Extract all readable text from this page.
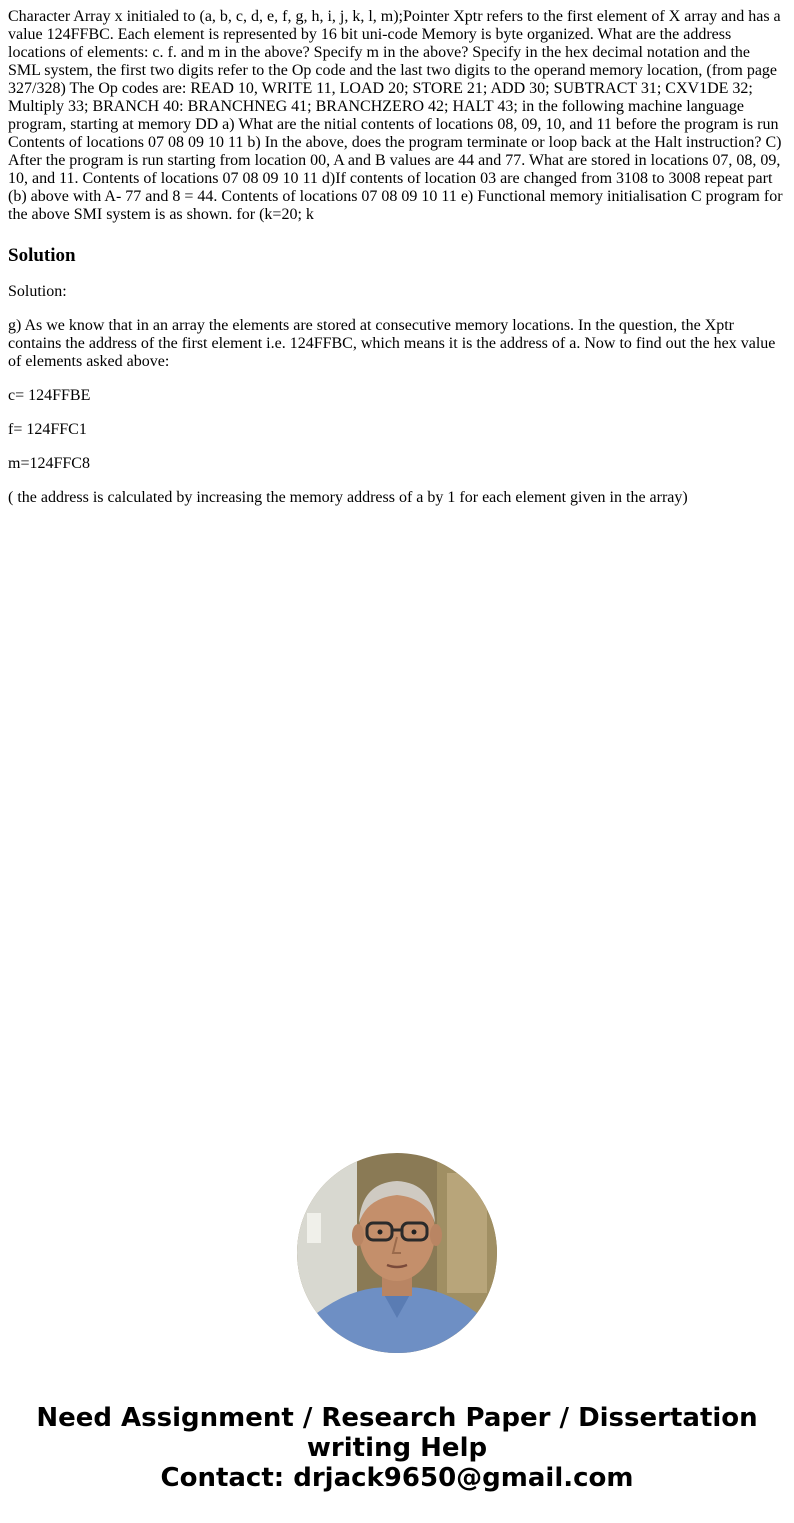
Character Array x initialed to (a, b, c, d, e, f, g, h, i, j, k, l, m);Pointer Xptr refers to the first element of X array and has a value 124FFBC. Each element is represented by 16 bit uni-code Memory is byte organized. What are the address locations of elements: c. f. and m in the above? Specify m in the above? Specify in the hex decimal notation and the SML system, the first two digits refer to the Op code and the last two digits to the operand memory location, (from page 327/328) The Op codes are: READ 10, WRITE 11, LOAD 20; STORE 21; ADD 30; SUBTRACT 31; CXV1DE 32; Multiply 33; BRANCH 40: BRANCHNEG 41; BRANCHZERO 42; HALT 43; in the following machine language program, starting at memory DD a) What are the nitial contents of locations 08, 09, 10, and 11 before the program is run Contents of locations 07 08 09 10 11 b) In the above, does the program terminate or loop back at the Halt instruction? C) After the program is run starting from location 00, A and B values are 44 and 77. What are stored in locations 07, 08, 09, 10, and 11. Contents of locations 07 08 09 10 11 d)If contents of location 03 are changed from 3108 to 3008 repeat part (b) above with A- 77 and 8 = 44. Contents of locations 07 08 09 10 11 e) Functional memory initialisation C program for the above SMI system is as shown. for (k=20; k

Solution

Solution:

g) As we know that in an array the elements are stored at consecutive memory locations. In the question, the Xptr contains the address of the first element i.e. 124FFBC, which means it is the address of a. Now to find out the hex value of elements asked above:

c= 124FFBE

f= 124FFC1

m=124FFC8

( the address is calculated by increasing the memory address of a by 1 for each element given in the array)

Need Assignment / Research Paper / Dissertation
writing Help
Contact: drjack9650@gmail.com
